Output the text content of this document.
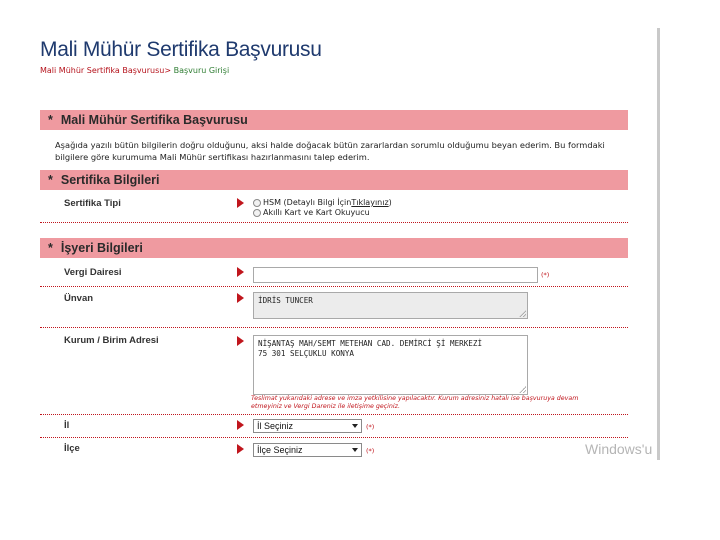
Mali Mühür Sertifika Başvurusu
Mali Mühür Sertifika Başvurusu> Başvuru Girişi
* Mali Mühür Sertifika Başvurusu
Aşağıda yazılı bütün bilgilerin doğru olduğunu, aksi halde doğacak bütün zararlardan sorumlu olduğumu beyan ederim. Bu formdaki bilgilere göre kurumuma Mali Mühür sertifikası hazırlanmasını talep ederim.
* Sertifika Bilgileri
Sertifika Tipi	HSM (Detaylı Bilgi İçin Tıklayınız )
Akıllı Kart ve Kart Okuyucu
* İşyeri Bilgileri
Vergi Dairesi	(*)
Ünvan	İDRİS TUNCER
Kurum / Birim Adresi	NİŞANTAŞ MAH/SEMT METEHAN CAD. DEMİRCİ Şİ MERKEZİ
75 301 SELÇUKLU KONYA
Teslimat yukarıdaki adrese ve imza yetkilisine yapılacaktır. Kurum adresiniz hatalı ise başvuruya devam etmeyiniz ve Vergi Dareniz ile iletişime geçiniz.
İl	İl Seçiniz	(*)
İlçe	İlçe Seçiniz	(*)	Windows'u
